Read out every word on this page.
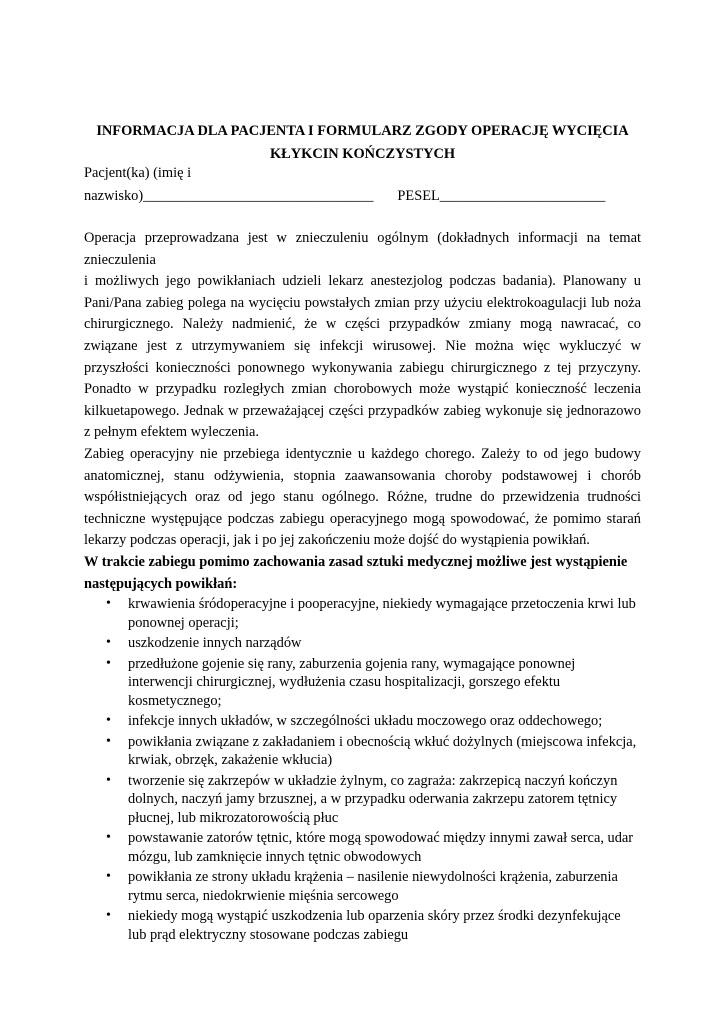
INFORMACJA DLA PACJENTA I FORMULARZ ZGODY OPERACJĘ WYCIĘCIA KŁYKCIN KOŃCZYSTYCH
Pacjent(ka) (imię i
nazwisko)________________________________ PESEL_______________________

Operacja przeprowadzana jest w znieczuleniu ogólnym (dokładnych informacji na temat znieczulenia

i możliwych jego powikłaniach udzieli lekarz anestezjolog podczas badania). Planowany u Pani/Pana zabieg polega na wycięciu powstałych zmian przy użyciu elektrokoagulacji lub noża chirurgicznego. Należy nadmienić, że w części przypadków zmiany mogą nawracać, co związane jest z utrzymywaniem się infekcji wirusowej. Nie można więc wykluczyć w przyszłości konieczności ponownego wykonywania zabiegu chirurgicznego z tej przyczyny. Ponadto w przypadku rozległych zmian chorobowych może wystąpić konieczność leczenia kilkuetapowego. Jednak w przeważającej części przypadków zabieg wykonuje się jednorazowo z pełnym efektem wyleczenia.

Zabieg operacyjny nie przebiega identycznie u każdego chorego. Zależy to od jego budowy anatomicznej, stanu odżywienia, stopnia zaawansowania choroby podstawowej i chorób współistniejących oraz od jego stanu ogólnego. Różne, trudne do przewidzenia trudności techniczne występujące podczas zabiegu operacyjnego mogą spowodować, że pomimo starań lekarzy podczas operacji, jak i po jej zakończeniu może dojść do wystąpienia powikłań.

W trakcie zabiegu pomimo zachowania zasad sztuki medycznej możliwe jest wystąpienie następujących powikłań:

• krwawienia śródoperacyjne i pooperacyjne, niekiedy wymagające przetoczenia krwi lub ponownej operacji;
• uszkodzenie innych narządów
• przedłużone gojenie się rany, zaburzenia gojenia rany, wymagające ponownej interwencji chirurgicznej, wydłużenia czasu hospitalizacji, gorszego efektu kosmetycznego;
• infekcje innych układów, w szczególności układu moczowego oraz oddechowego;
• powikłania związane z zakładaniem i obecnością wkłuć dożylnych (miejscowa infekcja, krwiak, obrzęk, zakażenie wkłucia)
• tworzenie się zakrzepów w układzie żylnym, co zagraża: zakrzepicą naczyń kończyn dolnych, naczyń jamy brzusznej, a w przypadku oderwania zakrzepu zatorem tętnicy płucnej, lub mikrozatorowością płuc
• powstawanie zatorów tętnic, które mogą spowodować między innymi zawał serca, udar mózgu, lub zamknięcie innych tętnic obwodowych
• powikłania ze strony układu krążenia – nasilenie niewydolności krążenia, zaburzenia rytmu serca, niedokrwienie mięśnia sercowego
• niekiedy mogą wystąpić uszkodzenia lub oparzenia skóry przez środki dezynfekujące lub prąd elektryczny stosowane podczas zabiegu
